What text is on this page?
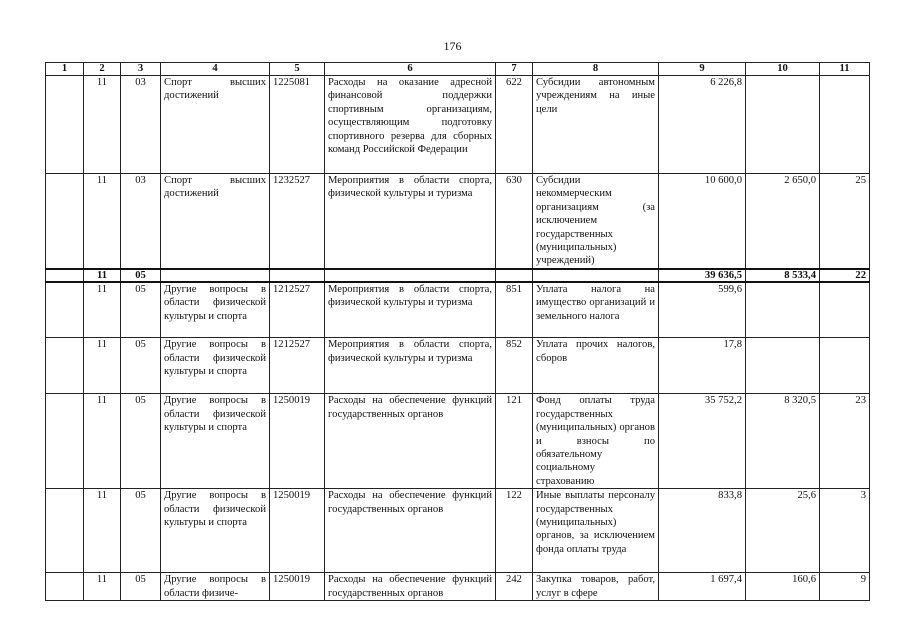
176
1	2	3	4	5	6	7	8	9	10	11
	11	03	Спорт высших достижений	1225081	Расходы на оказание адресной финансовой поддержки спортивным организациям, осуществляющим подготовку спортивного резерва для сборных команд Российской Федерации	622	Субсидии автономным учреждениям на иные цели	6 226,8		
	11	03	Спорт высших достижений	1232527	Мероприятия в области спорта, физической культуры и туризма	630	Субсидии некоммерческим организациям (за исключением государственных (муниципальных) учреждений)	10 600,0	2 650,0	25
	11	05						39 636,5	8 533,4	22
	11	05	Другие вопросы в области физической культуры и спорта	1212527	Мероприятия в области спорта, физической культуры и туризма	851	Уплата налога на имущество организаций и земельного налога	599,6		
	11	05	Другие вопросы в области физической культуры и спорта	1212527	Мероприятия в области спорта, физической культуры и туризма	852	Уплата прочих налогов, сборов	17,8		
	11	05	Другие вопросы в области физической культуры и спорта	1250019	Расходы на обеспечение функций государственных органов	121	Фонд оплаты труда государственных (муниципальных) органов и взносы по обязательному социальному страхованию	35 752,2	8 320,5	23
	11	05	Другие вопросы в области физической культуры и спорта	1250019	Расходы на обеспечение функций государственных органов	122	Иные выплаты персоналу государственных (муниципальных) органов, за исключением фонда оплаты труда	833,8	25,6	3
	11	05	Другие вопросы в области физиче-	1250019	Расходы на обеспечение функций государственных органов	242	Закупка товаров, работ, услуг в сфере	1 697,4	160,6	9
